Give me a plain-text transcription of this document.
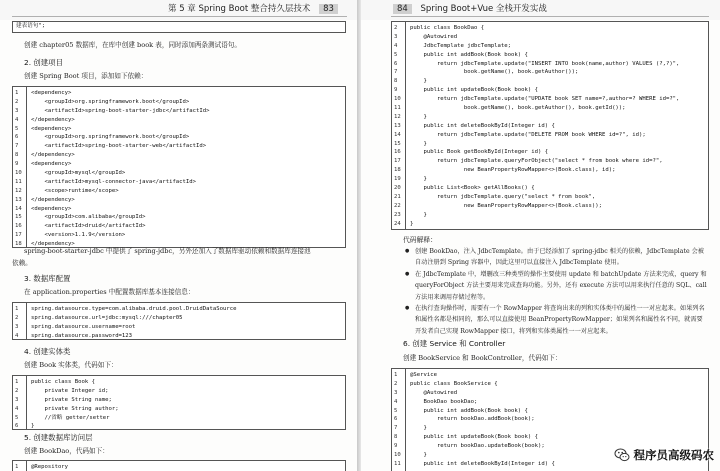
第 5 章 Spring Boot 整合持久层技术 83
建表语句";
创建 chapter05 数据库，在库中创建 book 表，同时添加两条测试语句。
2. 创建项目
创建 Spring Boot 项目，添加如下依赖：
1	<dependency>
2	<groupId>org.springframework.boot</groupId>
3	<artifactId>spring-boot-starter-jdbc</artifactId>
4	</dependency>
5	<dependency>
6	<groupId>org.springframework.boot</groupId>
7	<artifactId>spring-boot-starter-web</artifactId>
8	</dependency>
9	<dependency>
10	<groupId>mysql</groupId>
11	<artifactId>mysql-connector-java</artifactId>
12	<scope>runtime</scope>
13	</dependency>
14	<dependency>
15	<groupId>com.alibaba</groupId>
16	<artifactId>druid</artifactId>
17	<version>1.1.9</version>
18	</dependency>
spring-boot-starter-jdbc 中提供了 spring-jdbc，另外还加入了数据库驱动依赖和数据库连接池
依赖。
3. 数据库配置
在 application.properties 中配置数据库基本连接信息：
1	spring.datasource.type=com.alibaba.druid.pool.DruidDataSource
2	spring.datasource.url=jdbc:mysql:///chapter05
3	spring.datasource.username=root
4	spring.datasource.password=123
4. 创建实体类
创建 Book 实体类，代码如下：
1	public class Book {
2	private Integer id;
3	private String name;
4	private String author;
5	//省略 getter/setter
6	}
5. 创建数据库访问层
创建 BookDao，代码如下：
1	@Repository
84 Spring Boot+Vue 全栈开发实战
2	public class BookDao {
3	@Autowired
4	JdbcTemplate jdbcTemplate;
5	public int addBook(Book book) {
6	return jdbcTemplate.update("INSERT INTO book(name,author) VALUES (?,?)",
7	book.getName(), book.getAuthor());
8	}
9	public int updateBook(Book book) {
10	return jdbcTemplate.update("UPDATE book SET name=?,author=? WHERE id=?",
11	book.getName(), book.getAuthor(), book.getId());
12	}
13	public int deleteBookById(Integer id) {
14	return jdbcTemplate.update("DELETE FROM book WHERE id=?", id);
15	}
16	public Book getBookById(Integer id) {
17	return jdbcTemplate.queryForObject("select * from book where id=?",
18	new BeanPropertyRowMapper<>(Book.class), id);
19	}
20	public List<Book> getAllBooks() {
21	return jdbcTemplate.query("select * from book",
22	new BeanPropertyRowMapper<>(Book.class));
23	}
24	}
代码解释：
● 创建 BookDao，注入 JdbcTemplate。由于已经添加了 spring-jdbc 相关的依赖，JdbcTemplate 会被自动注册到 Spring 容器中，因此这里可以直接注入 JdbcTemplate 使用。
● 在 JdbcTemplate 中，增删改三种类型的操作主要使用 update 和 batchUpdate 方法来完成，query 和 queryForObject 方法主要用来完成查询功能。另外，还有 execute 方法可以用来执行任意的 SQL、call 方法用来调用存储过程等。
● 在执行查询操作时，需要有一个 RowMapper 将查询出来的列和实体类中的属性一一对应起来。如果列名和属性名都是相同的，那么可以直接使用 BeanPropertyRowMapper；如果列名和属性名不同，就需要开发者自己实现 RowMapper 接口，将列和实体类属性一一对应起来。
6. 创建 Service 和 Controller
创建 BookService 和 BookController，代码如下：
1	@Service
2	public class BookService {
3	@Autowired
4	BookDao bookDao;
5	public int addBook(Book book) {
6	return bookDao.addBook(book);
7	}
8	public int updateBook(Book book) {
9	return bookDao.updateBook(book);
10	}
11	public int deleteBookById(Integer id) {
程序员高级码农
